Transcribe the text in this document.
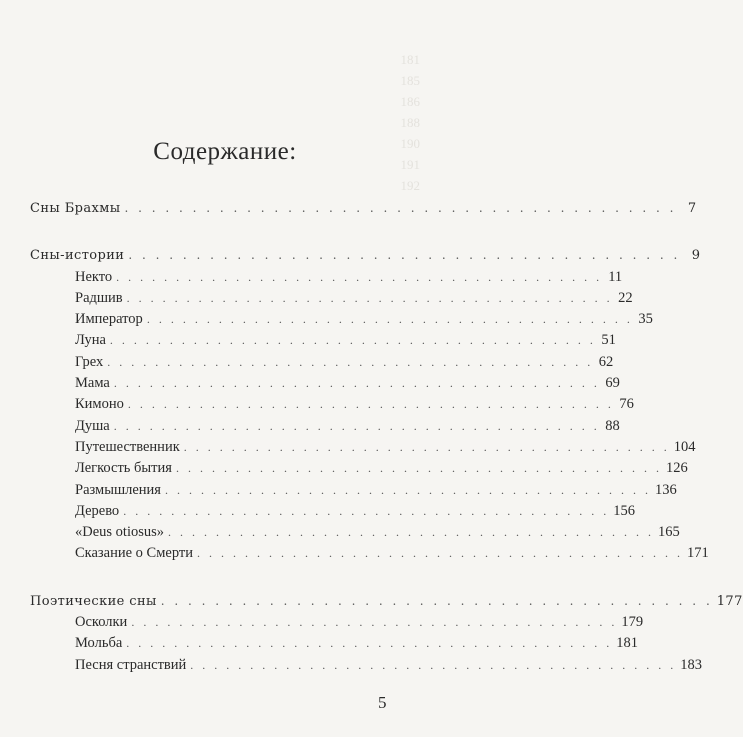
181
185
186
188
190
191
192
Содержание:
Сны Брахмы . . . . . . . . . . . . . . . . . . . . . . . . . . . . . . . . . . . . . . . . . 7
Сны-истории . . . . . . . . . . . . . . . . . . . . . . . . . . . . . . . . . . . . . . . . . 9
Некто . . . . . . . . . . . . . . . . . . . . . . . . . . . . . . . . . . . . . . . . . 11
Радшив . . . . . . . . . . . . . . . . . . . . . . . . . . . . . . . . . . . . . . . . . 22
Император . . . . . . . . . . . . . . . . . . . . . . . . . . . . . . . . . . . . . . . . . 35
Луна . . . . . . . . . . . . . . . . . . . . . . . . . . . . . . . . . . . . . . . . . 51
Грех . . . . . . . . . . . . . . . . . . . . . . . . . . . . . . . . . . . . . . . . . 62
Мама . . . . . . . . . . . . . . . . . . . . . . . . . . . . . . . . . . . . . . . . . 69
Кимоно . . . . . . . . . . . . . . . . . . . . . . . . . . . . . . . . . . . . . . . . . 76
Душа . . . . . . . . . . . . . . . . . . . . . . . . . . . . . . . . . . . . . . . . . 88
Путешественник . . . . . . . . . . . . . . . . . . . . . . . . . . . . . . . . . . . . . . . . . 104
Легкость бытия . . . . . . . . . . . . . . . . . . . . . . . . . . . . . . . . . . . . . . . . . 126
Размышления . . . . . . . . . . . . . . . . . . . . . . . . . . . . . . . . . . . . . . . . . 136
Дерево . . . . . . . . . . . . . . . . . . . . . . . . . . . . . . . . . . . . . . . . . 156
«Deus otiosus» . . . . . . . . . . . . . . . . . . . . . . . . . . . . . . . . . . . . . . . . . 165
Сказание о Смерти . . . . . . . . . . . . . . . . . . . . . . . . . . . . . . . . . . . . . . . . . 171
Поэтические сны . . . . . . . . . . . . . . . . . . . . . . . . . . . . . . . . . . . . . . . . . 177
Осколки . . . . . . . . . . . . . . . . . . . . . . . . . . . . . . . . . . . . . . . . . 179
Мольба . . . . . . . . . . . . . . . . . . . . . . . . . . . . . . . . . . . . . . . . . 181
Песня странствий . . . . . . . . . . . . . . . . . . . . . . . . . . . . . . . . . . . . . . . . . 183
5
